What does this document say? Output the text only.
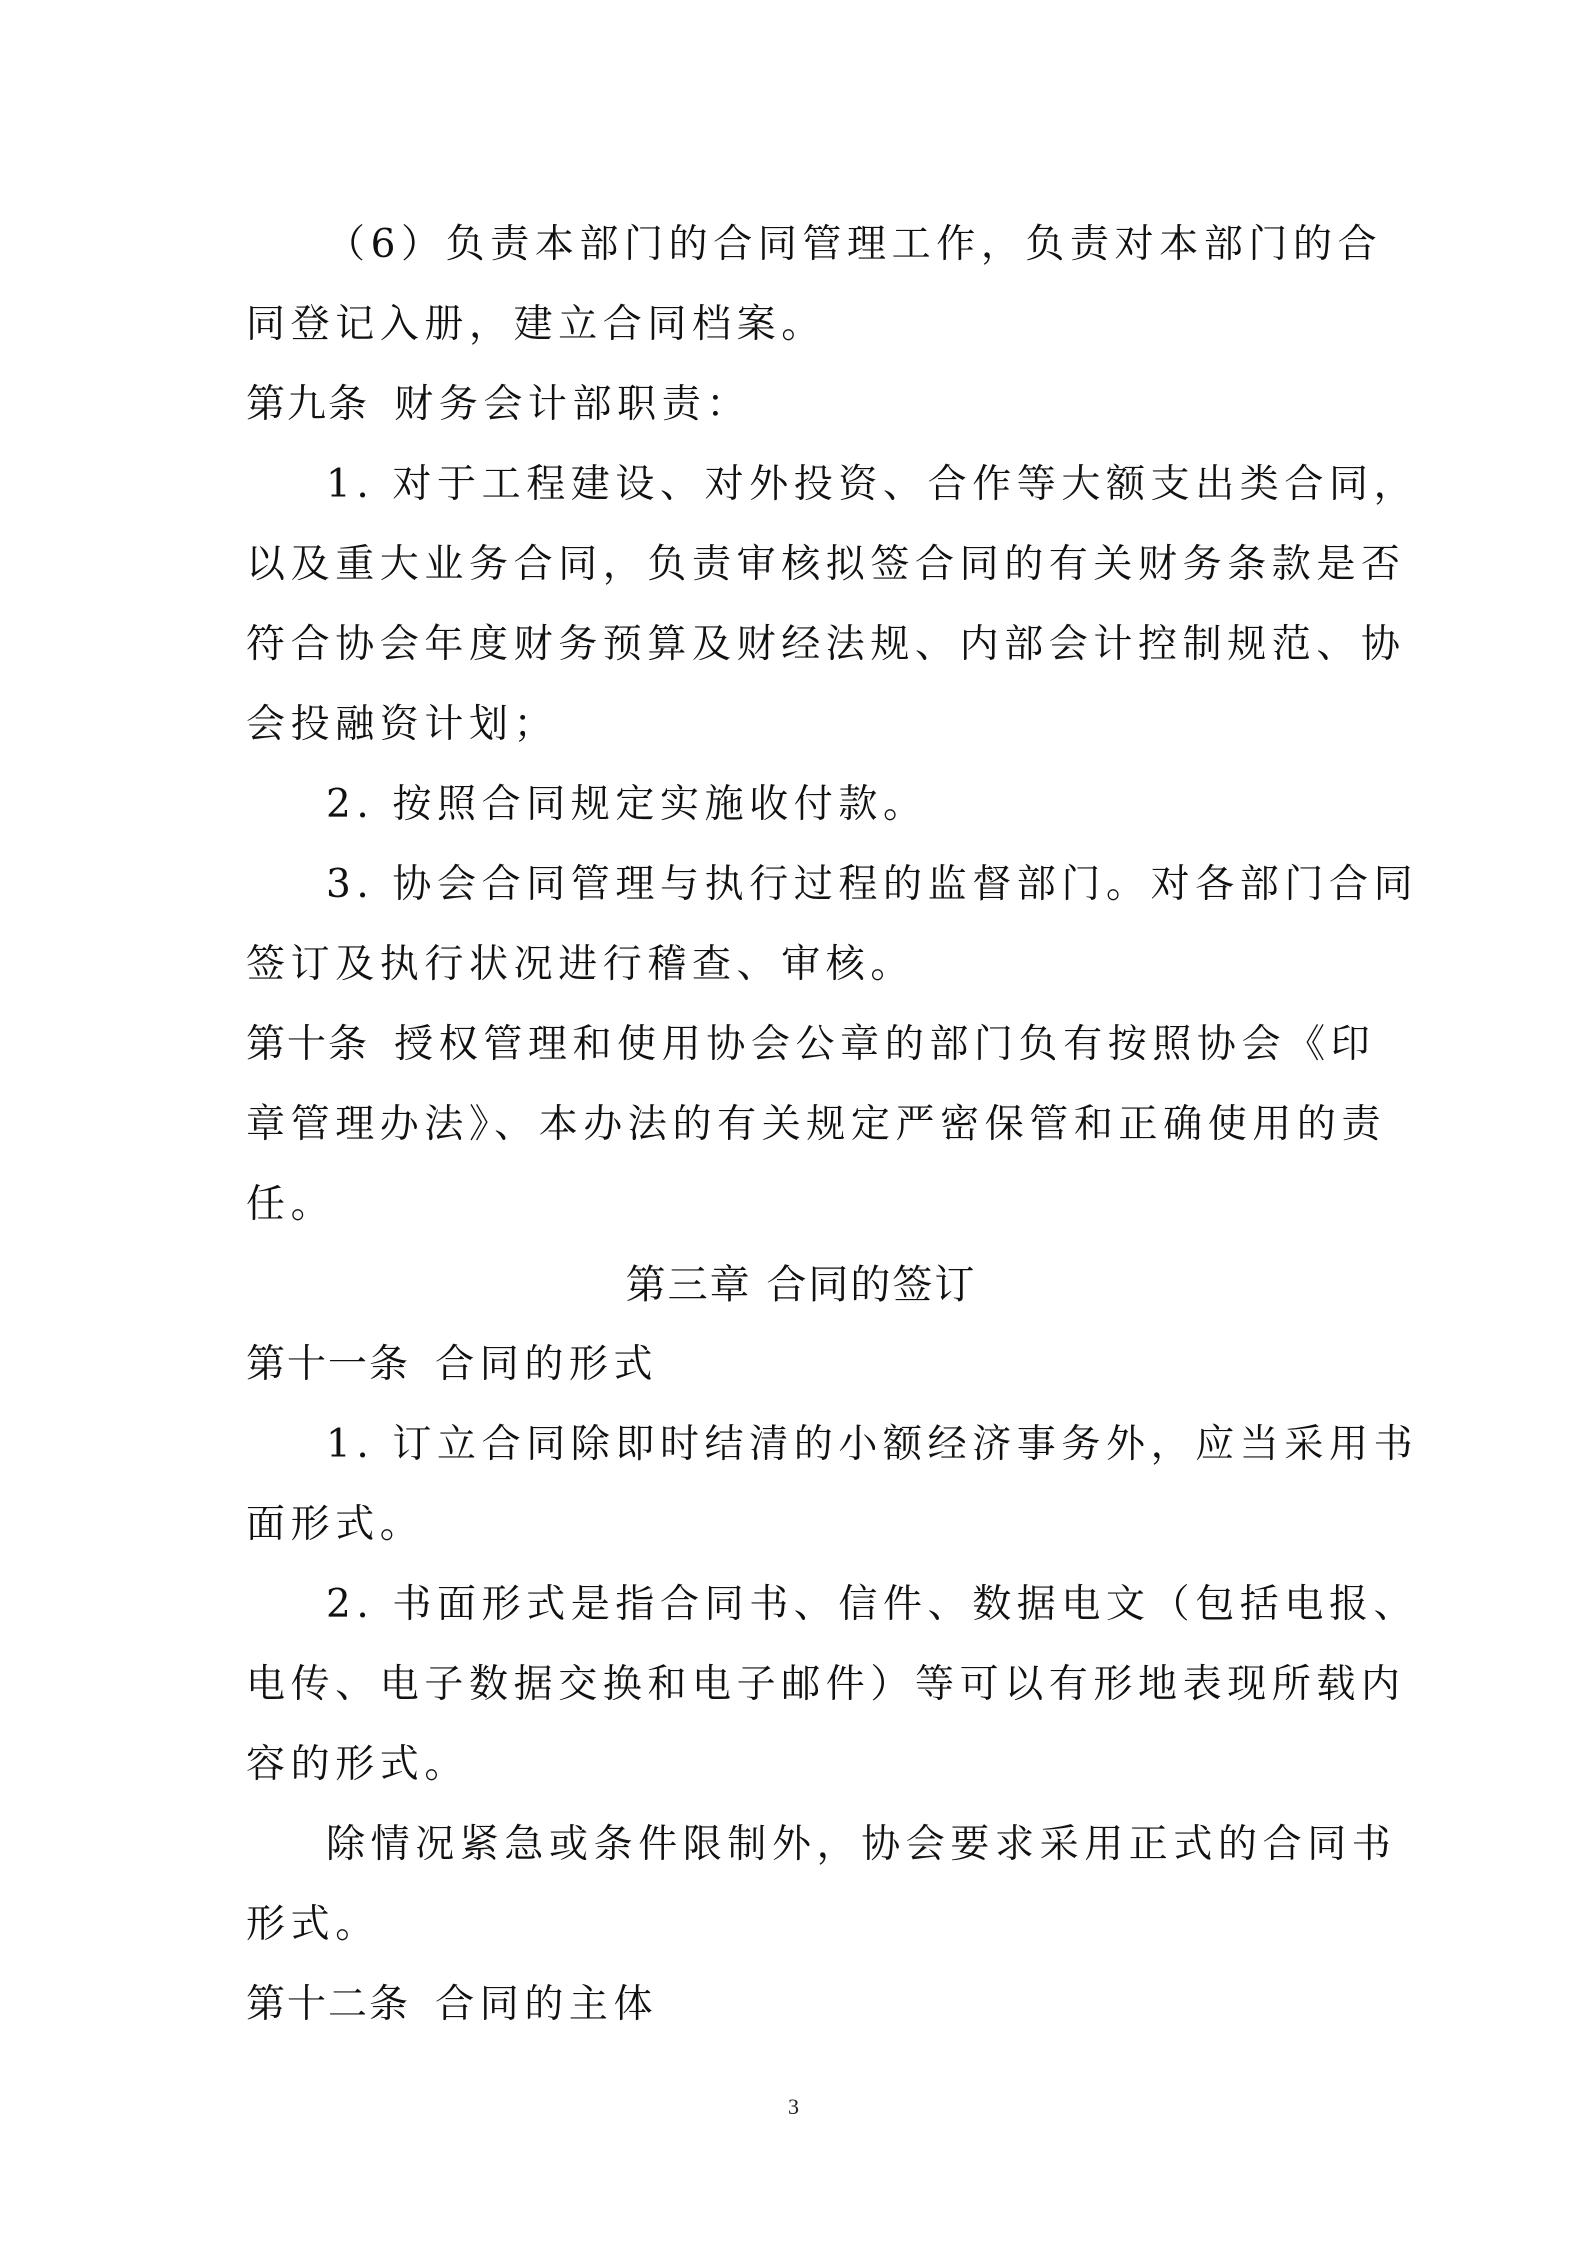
（6）负责本部门的合同管理工作，负责对本部门的合
同登记入册，建立合同档案。
第九条  财务会计部职责：
1. 对于工程建设、对外投资、合作等大额支出类合同，
以及重大业务合同，负责审核拟签合同的有关财务条款是否
符合协会年度财务预算及财经法规、内部会计控制规范、协
会投融资计划；
2. 按照合同规定实施收付款。
3. 协会合同管理与执行过程的监督部门。对各部门合同
签订及执行状况进行稽查、审核。
第十条  授权管理和使用协会公章的部门负有按照协会《印
章管理办法》、本办法的有关规定严密保管和正确使用的责
任。
第三章 合同的签订
第十一条  合同的形式
1. 订立合同除即时结清的小额经济事务外，应当采用书
面形式。
2. 书面形式是指合同书、信件、数据电文（包括电报、
电传、电子数据交换和电子邮件）等可以有形地表现所载内
容的形式。
除情况紧急或条件限制外，协会要求采用正式的合同书
形式。
第十二条  合同的主体
3
